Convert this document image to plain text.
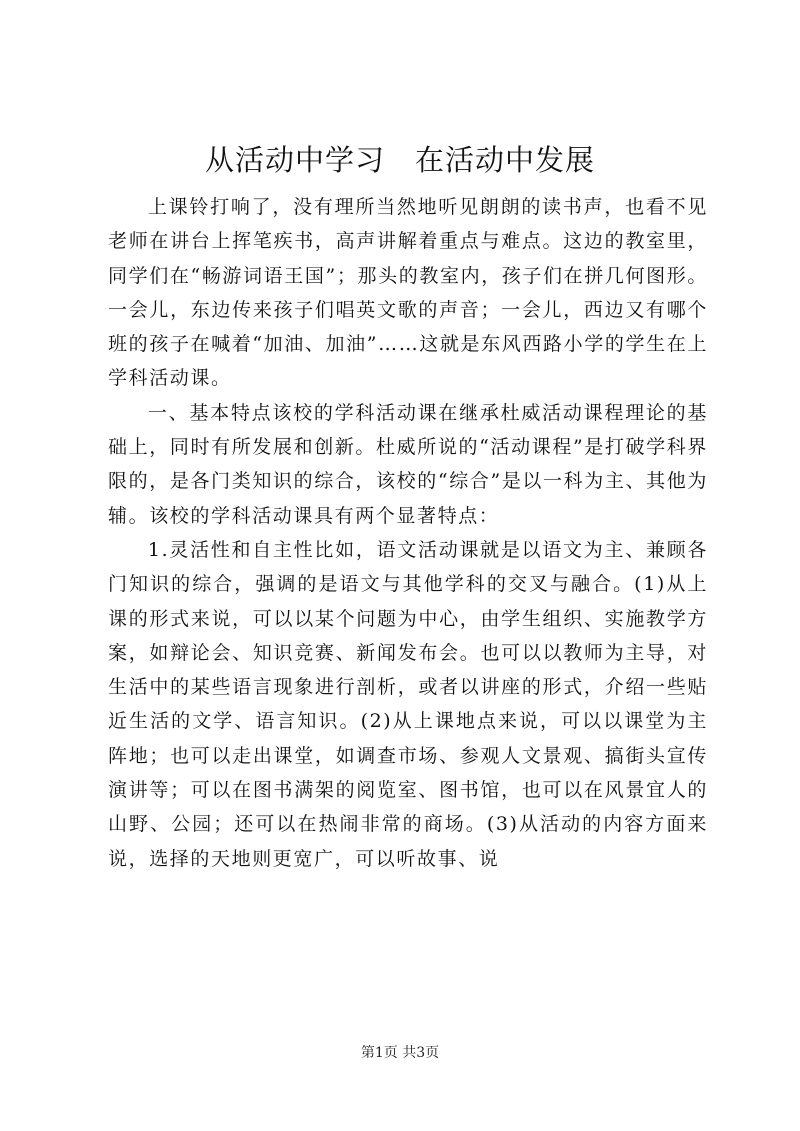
从活动中学习　在活动中发展

上课铃打响了，没有理所当然地听见朗朗的读书声，也看不见老师在讲台上挥笔疾书，高声讲解着重点与难点。这边的教室里，同学们在“畅游词语王国”；那头的教室内，孩子们在拼几何图形。一会儿，东边传来孩子们唱英文歌的声音；一会儿，西边又有哪个班的孩子在喊着“加油、加油”……这就是东风西路小学的学生在上学科活动课。

一、基本特点该校的学科活动课在继承杜威活动课程理论的基础上，同时有所发展和创新。杜威所说的“活动课程”是打破学科界限的，是各门类知识的综合，该校的“综合”是以一科为主、其他为辅。该校的学科活动课具有两个显著特点：

1.灵活性和自主性比如，语文活动课就是以语文为主、兼顾各门知识的综合，强调的是语文与其他学科的交叉与融合。(1)从上课的形式来说，可以以某个问题为中心，由学生组织、实施教学方案，如辩论会、知识竞赛、新闻发布会。也可以以教师为主导，对生活中的某些语言现象进行剖析，或者以讲座的形式，介绍一些贴近生活的文学、语言知识。(2)从上课地点来说，可以以课堂为主阵地；也可以走出课堂，如调查市场、参观人文景观、搞街头宣传演讲等；可以在图书满架的阅览室、图书馆，也可以在风景宜人的山野、公园；还可以在热闹非常的商场。(3)从活动的内容方面来说，选择的天地则更宽广，可以听故事、说

第1页 共3页
